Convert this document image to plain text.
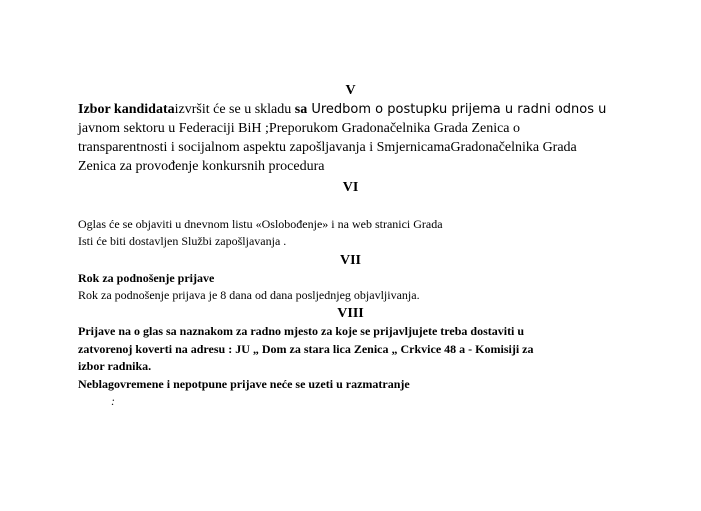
V
Izbor kandidataizvršit će se u skladu sa Uredbom o postupku prijema u radni odnos u
javnom sektoru u Federaciji BiH ;Preporukom Gradonačelnika Grada Zenica o
transparentnosti i socijalnom aspektu zapošljavanja i SmjernicamaGradonačelnika Grada
Zenica za provođenje konkursnih procedura
VI
Oglas će se objaviti u dnevnom listu «Oslobođenje» i na web stranici Grada
Isti će biti dostavljen Službi zapošljavanja .
VII
Rok za podnošenje prijave
Rok za podnošenje prijava je 8 dana od dana posljednjeg objavljivanja.
VIII
Prijave na o glas sa naznakom za radno mjesto za koje se prijavljujete treba dostaviti u
zatvorenoj koverti na adresu : JU „ Dom za stara lica Zenica „ Crkvice 48 a - Komisiji za
izbor radnika.
Neblagovremene i nepotpune prijave neće se uzeti u razmatranje
:
